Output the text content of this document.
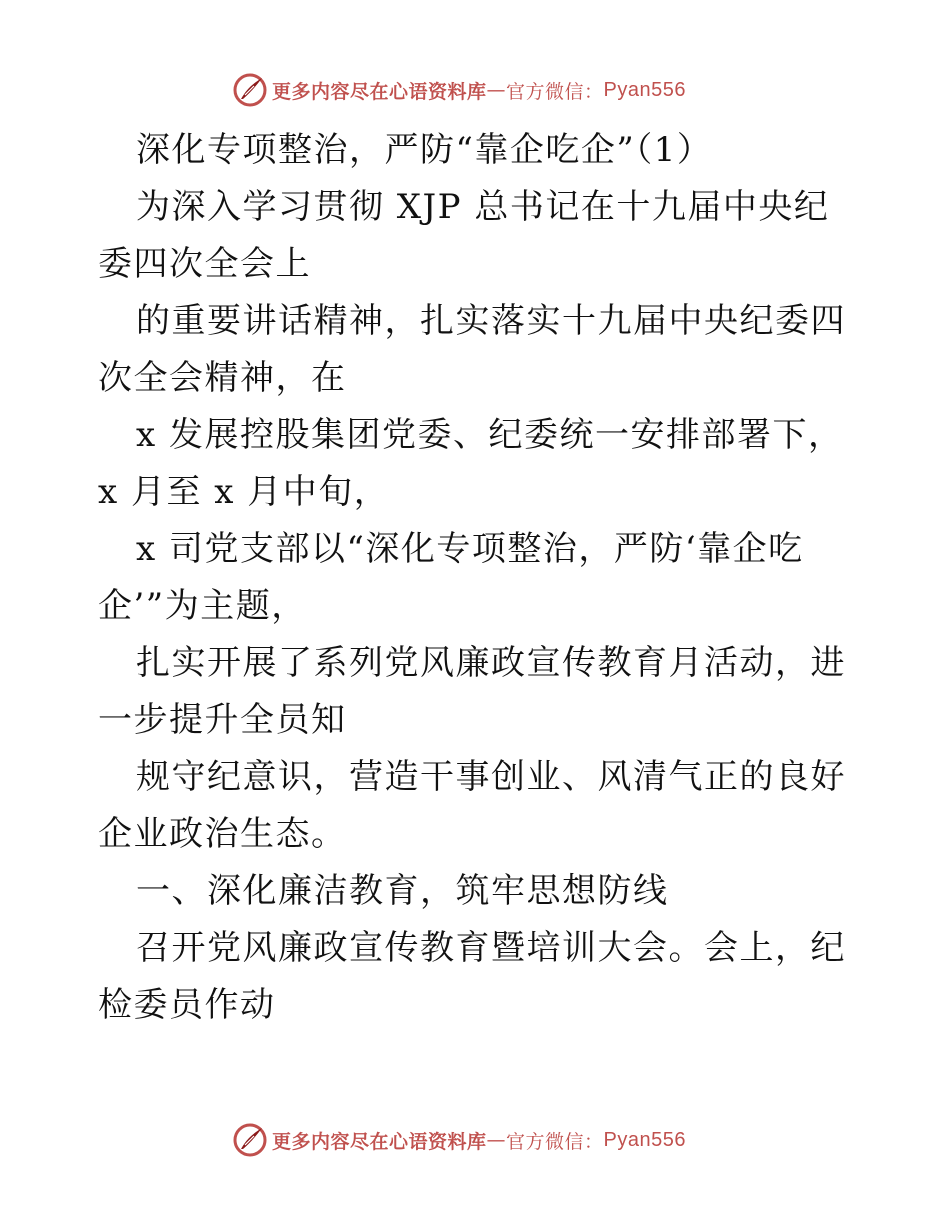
更多内容尽在心语资料库 — 官方微信： Pyan556

深化专项整治，严防“靠企吃企”（1）

为深入学习贯彻 XJP 总书记在十九届中央纪委四次全会上

的重要讲话精神，扎实落实十九届中央纪委四次全会精神，在

x 发展控股集团党委、纪委统一安排部署下，x 月至 x 月中旬，

x 司党支部以“深化专项整治，严防‘靠企吃企’”为主题，

扎实开展了系列党风廉政宣传教育月活动，进一步提升全员知

规守纪意识，营造干事创业、风清气正的良好企业政治生态。

一、深化廉洁教育，筑牢思想防线

召开党风廉政宣传教育暨培训大会。会上，纪检委员作动

更多内容尽在心语资料库 — 官方微信： Pyan556
